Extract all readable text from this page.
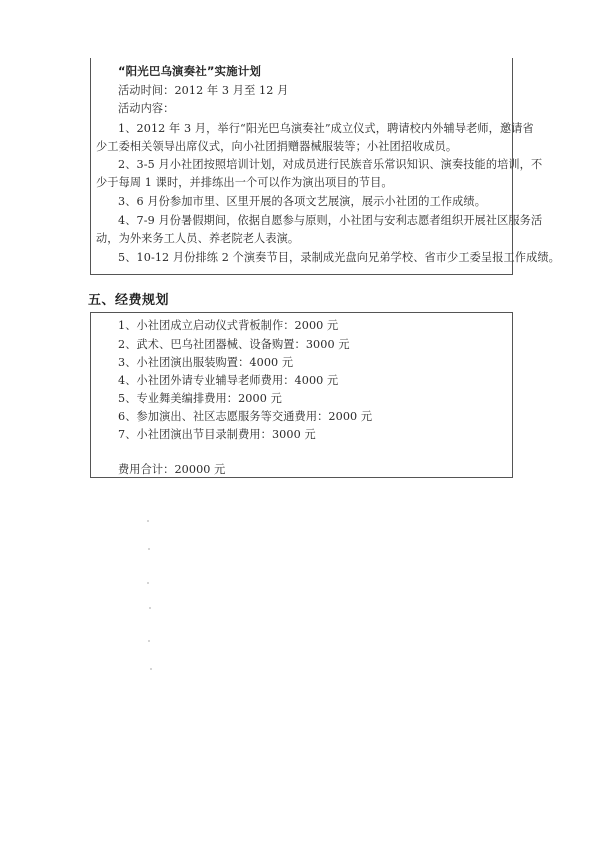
“阳光巴乌演奏社”实施计划
活动时间：2012 年 3 月至 12 月
活动内容：
1、2012 年 3 月，举行“阳光巴乌演奏社”成立仪式，聘请校内外辅导老师，邀请省
少工委相关领导出席仪式，向小社团捐赠器械服装等；小社团招收成员。
2、3-5 月小社团按照培训计划，对成员进行民族音乐常识知识、演奏技能的培训，不
少于每周 1 课时，并排练出一个可以作为演出项目的节目。
3、6 月份参加市里、区里开展的各项文艺展演，展示小社团的工作成绩。
4、7-9 月份暑假期间，依据自愿参与原则，小社团与安利志愿者组织开展社区服务活
动，为外来务工人员、养老院老人表演。
5、10-12 月份排练 2 个演奏节目，录制成光盘向兄弟学校、省市少工委呈报工作成绩。
五、经费规划
1、小社团成立启动仪式背板制作：2000 元
2、武术、巴乌社团器械、设备购置：3000 元
3、小社团演出服装购置：4000 元
4、小社团外请专业辅导老师费用：4000 元
5、专业舞美编排费用：2000 元
6、参加演出、社区志愿服务等交通费用：2000 元
7、小社团演出节目录制费用：3000 元
费用合计：20000 元
